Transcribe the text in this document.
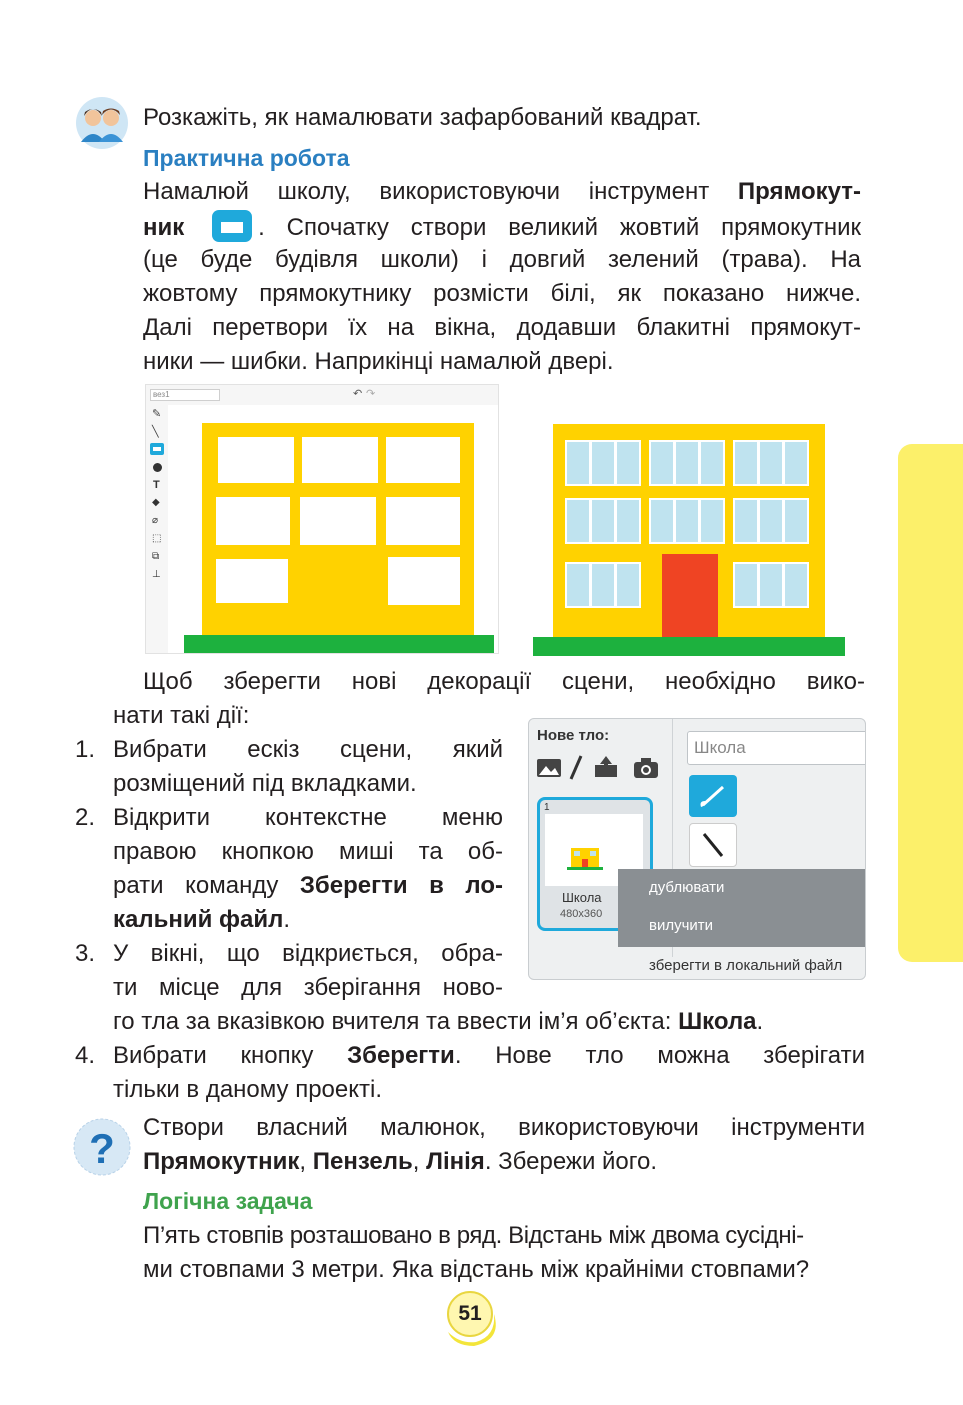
Розкажіть, як намалювати зафарбований квадрат.
Практична робота
Намалюй школу, використовуючи інструмент Прямокут-
ник	. Спочатку створи великий жовтий прямокутник
(це буде будівля школи) і довгий зелений (трава). На
жовтому прямокутнику розмісти білі, як показано нижче.
Далі перетвори їх на вікна, додавши блакитні прямокут-
ники — шибки. Наприкінці намалюй двері.
вез1	↶ ↷
✎
╲
T
◆
⌀
⬚
⧉
⊥
Щоб зберегти нові декорації сцени, необхідно вико-
нати такі дії:
1. Вибрати ескіз сцени, який
розміщений під вкладками.
2. Відкрити контекстне меню
правою кнопкою миші та об-
рати команду Зберегти в ло-
кальний файл.
3. У вікні, що відкриється, обра-
ти місце для зберігання ново-
го тла за вказівкою вчителя та ввести ім’я об’єкта: Школа.
4. Вибрати кнопку Зберегти. Нове тло можна зберігати
тільки в даному проекті.
Нове тло:
Школа
1
Школа
480x360
дублювати
вилучити
зберегти в локальний файл
? Створи власний малюнок, використовуючи інструменти
Прямокутник, Пензель, Лінія. Збережи його.
Логічна задача
П’ять стовпів розташовано в ряд. Відстань між двома сусідні-
ми стовпами 3 метри. Яка відстань між крайніми стовпами?
51
